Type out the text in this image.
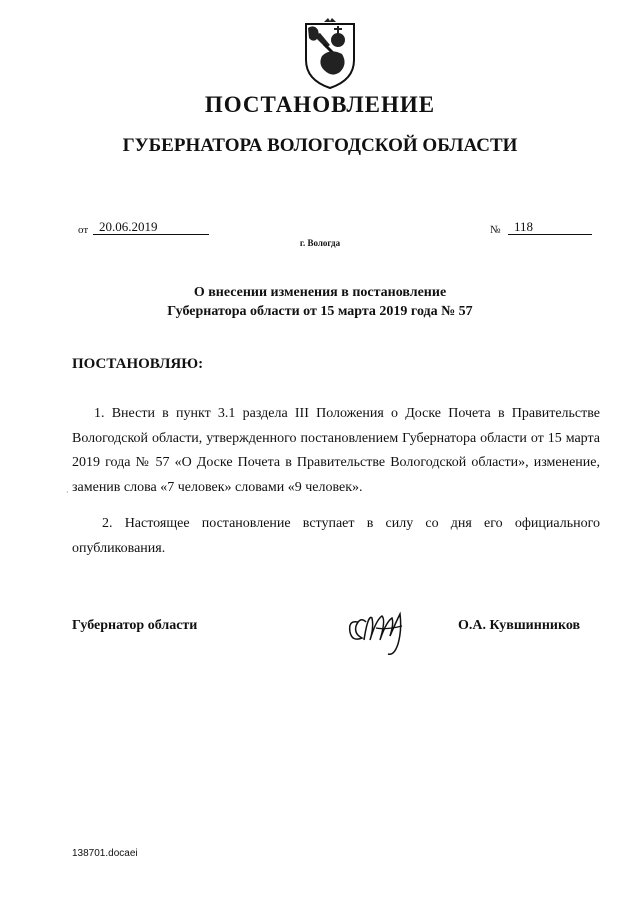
ПОСТАНОВЛЕНИЕ
ГУБЕРНАТОРА ВОЛОГОДСКОЙ ОБЛАСТИ
от 20.06.2019	№	118
г. Вологда
О внесении изменения в постановление
Губернатора области от 15 марта 2019 года № 57
ПОСТАНОВЛЯЮ:
1. Внести в пункт 3.1 раздела III Положения о Доске Почета в Правительстве Вологодской области, утвержденного постановлением Губернатора области от 15 марта 2019 года № 57 «О Доске Почета в Правительстве Вологодской области», изменение, заменив слова «7 человек» словами «9 человек».
2. Настоящее постановление вступает в силу со дня его официального опубликования.
·
Губернатор области	О.А. Кувшинников
138701.docaei
